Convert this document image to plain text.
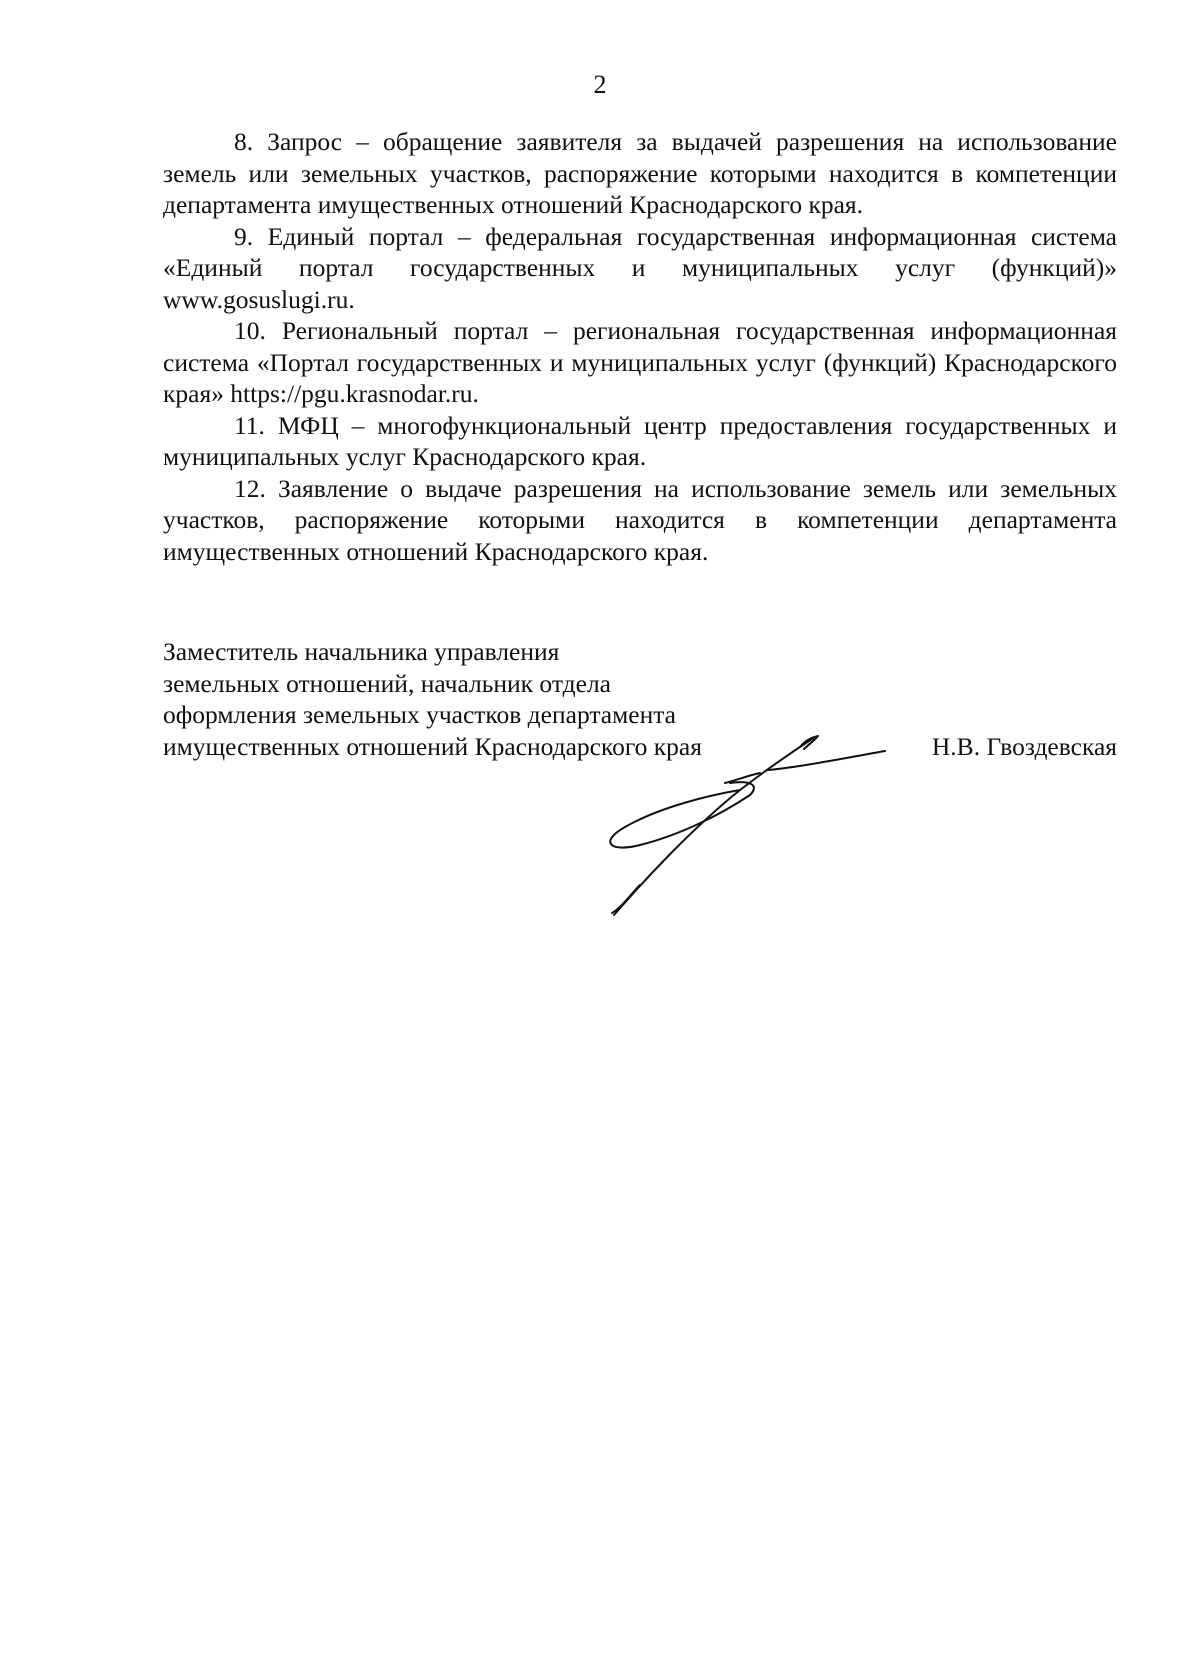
2

8. Запрос – обращение заявителя за выдачей разрешения на использование земель или земельных участков, распоряжение которыми находится в компетенции департамента имущественных отношений Краснодарского края.

9. Единый портал – федеральная государственная информационная система «Единый портал государственных и муниципальных услуг (функций)» www.gosuslugi.ru.

10. Региональный портал – региональная государственная информационная система «Портал государственных и муниципальных услуг (функций) Краснодарского края» https://pgu.krasnodar.ru.

11. МФЦ – многофункциональный центр предоставления государственных и муниципальных услуг Краснодарского края.

12. Заявление о выдаче разрешения на использование земель или земельных участков, распоряжение которыми находится в компетенции департамента имущественных отношений Краснодарского края.

Заместитель начальника управления
земельных отношений, начальник отдела
оформления земельных участков департамента
имущественных отношений Краснодарского края	Н.В. Гвоздевская
